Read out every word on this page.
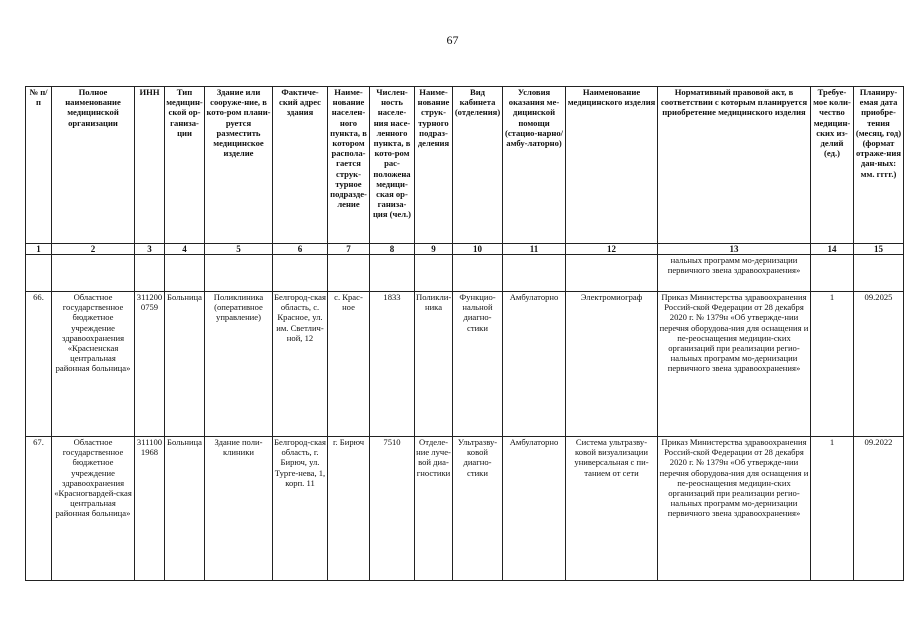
67
№ п/п	Полное наименование медицинской организации	ИНН	Тип медицин-ской ор-ганиза-ции	Здание или сооруже-ние, в кото-ром плани-руется разместить медицинское изделие	Фактиче-ский адрес здания	Наиме-нование населен-ного пункта, в котором распола-гается струк-турное подразде-ление	Числен-ность населе-ния насе-ленного пункта, в кото-ром рас-положена медици-ская ор-ганиза-ция (чел.)	Наиме-нование струк-турного подраз-деления	Вид кабинета (отделения)	Условия оказания ме-дицинской помощи (стацио-нарно/амбу-латорно)	Наименование медицинского изделия	Нормативный правовой акт, в соответствии с которым планируется приобретение медицинского изделия	Требуе-мое коли-чество медицин-ских из-делий (ед.)	Планиру-емая дата приобре-тения (месяц, год) (формат отраже-ния дан-ных: мм. гггг.)
1	2	3	4	5	6	7	8	9	10	11	12	13	14	15
												нальных программ мо-дернизации первичного звена здравоохранения»		
66.	Областное государственное бюджетное учреждение здравоохранения «Красненская центральная районная больница»	3112000759	Больница	Поликлиника (оперативное управление)	Белгород-ская область, с. Красное, ул. им. Светлич-ной, 12	с. Крас-ное	1833	Поликли-ника	Функцио-нальной диагно-стики	Амбулаторно	Электромиограф	Приказ Министерства здравоохранения Россий-ской Федерации от 28 декабря 2020 г. № 1379н «Об утвержде-нии перечня оборудова-ния для оснащения и пе-реоснащения медицин-ских организаций при реализации регио-нальных программ мо-дернизации первичного звена здравоохранения»	1	09.2025
67.	Областное государственное бюджетное учреждение здравоохранения «Красногвардей-ская центральная районная больница»	3111001968	Больница	Здание поли-клиники	Белгород-ская область, г. Бирюч, ул. Турге-нева, 1, корп. 11	г. Бирюч	7510	Отделе-ние луче-вой диа-гностики	Ультразву-ковой диагно-стики	Амбулаторно	Система ультразву-ковой визуализации универсальная с пи-танием от сети	Приказ Министерства здравоохранения Россий-ской Федерации от 28 декабря 2020 г. № 1379н «Об утвержде-нии перечня оборудова-ния для оснащения и пе-реоснащения медицин-ских организаций при реализации регио-нальных программ мо-дернизации первичного звена здравоохранения»	1	09.2022
